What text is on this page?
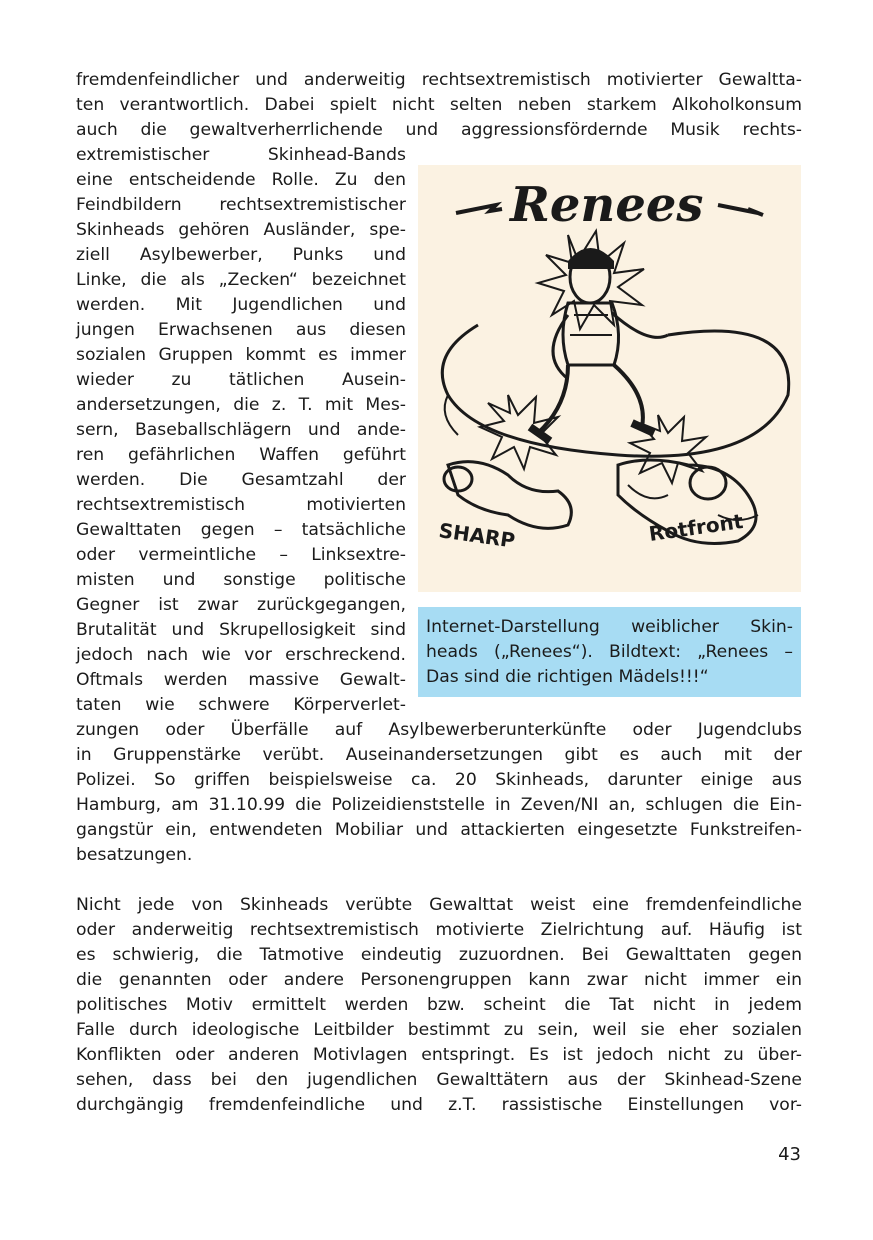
fremdenfeindlicher und anderweitig rechtsextremistisch motivierter Gewaltta-
ten verantwortlich. Dabei spielt nicht selten neben starkem Alkoholkonsum
auch die gewaltverherrlichende und aggressionsfördernde Musik rechts-
extremistischer Skinhead-Bands
eine entscheidende Rolle. Zu den
Feindbildern rechtsextremistischer
Skinheads gehören Ausländer, spe-
ziell Asylbewerber, Punks und
Linke, die als „Zecken“ bezeichnet
werden. Mit Jugendlichen und
jungen Erwachsenen aus diesen
sozialen Gruppen kommt es immer
wieder zu tätlichen Ausein-
andersetzungen, die z. T. mit Mes-
sern, Baseballschlägern und ande-
ren gefährlichen Waffen geführt
werden. Die Gesamtzahl der
rechtsextremistisch motivierten
Gewalttaten gegen – tatsächliche
oder vermeintliche – Linksextre-
misten und sonstige politische
Gegner ist zwar zurückgegangen,
Brutalität und Skrupellosigkeit sind
jedoch nach wie vor erschreckend.
Oftmals werden massive Gewalt-
taten wie schwere Körperverlet-
Renees
SHARP	Rotfront
Internet-Darstellung weiblicher Skin-
heads („Renees“). Bildtext: „Renees –
Das sind die richtigen Mädels!!!“
zungen oder Überfälle auf Asylbewerberunterkünfte oder Jugendclubs
in Gruppenstärke verübt. Auseinandersetzungen gibt es auch mit der
Polizei. So griffen beispielsweise ca. 20 Skinheads, darunter einige aus
Hamburg, am 31.10.99 die Polizeidienststelle in Zeven/NI an, schlugen die Ein-
gangstür ein, entwendeten Mobiliar und attackierten eingesetzte Funkstreifen-
besatzungen.
Nicht jede von Skinheads verübte Gewalttat weist eine fremdenfeindliche
oder anderweitig rechtsextremistisch motivierte Zielrichtung auf. Häufig ist
es schwierig, die Tatmotive eindeutig zuzuordnen. Bei Gewalttaten gegen
die genannten oder andere Personengruppen kann zwar nicht immer ein
politisches Motiv ermittelt werden bzw. scheint die Tat nicht in jedem
Falle durch ideologische Leitbilder bestimmt zu sein, weil sie eher sozialen
Konflikten oder anderen Motivlagen entspringt. Es ist jedoch nicht zu über-
sehen, dass bei den jugendlichen Gewalttätern aus der Skinhead-Szene
durchgängig fremdenfeindliche und z.T. rassistische Einstellungen vor-
43
